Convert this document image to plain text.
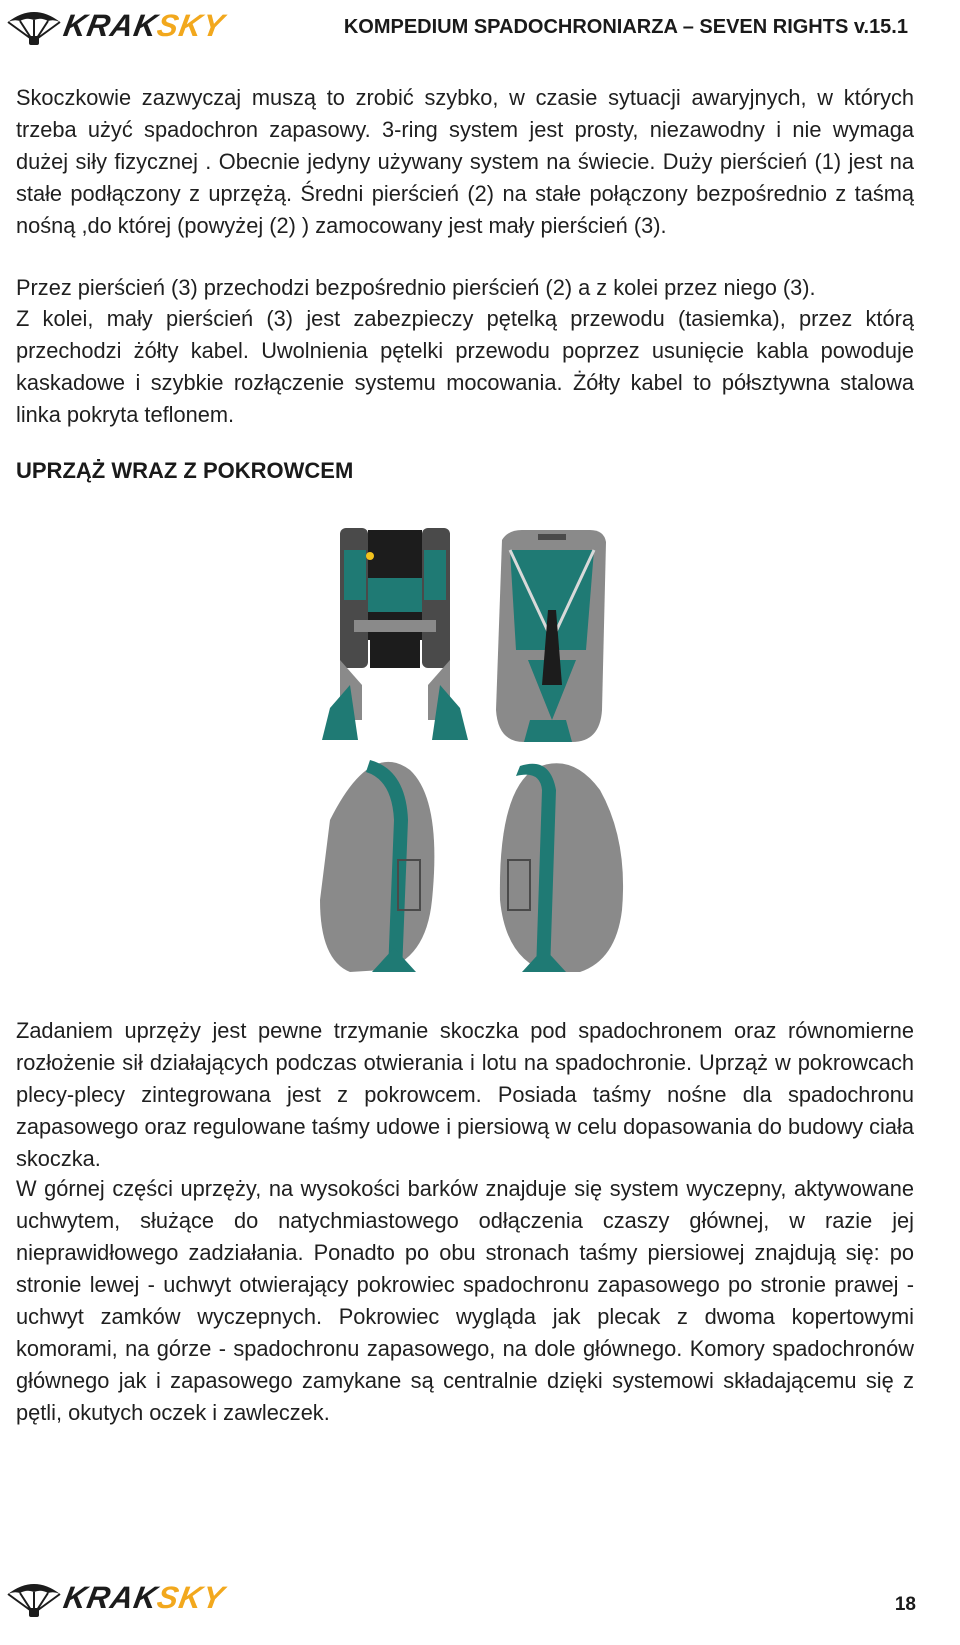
KRAKSKY	KOMPEDIUM SPADOCHRONIARZA – SEVEN RIGHTS v.15.1

Skoczkowie zazwyczaj muszą to zrobić szybko, w czasie sytuacji awaryjnych, w których trzeba użyć spadochron zapasowy. 3-ring system jest prosty, niezawodny i nie wymaga dużej siły fizycznej . Obecnie jedyny używany system na świecie. Duży pierścień (1) jest na stałe podłączony z uprzężą. Średni pierścień (2) na stałe połączony bezpośrednio z taśmą nośną ,do której (powyżej (2) ) zamocowany jest mały pierścień (3).

Przez pierścień (3) przechodzi bezpośrednio pierścień (2) a z kolei przez niego (3).

Z kolei, mały pierścień (3) jest zabezpieczy pętelką przewodu (tasiemka), przez którą przechodzi żółty kabel. Uwolnienia pętelki przewodu poprzez usunięcie kabla powoduje kaskadowe i szybkie rozłączenie systemu mocowania. Żółty kabel to półsztywna stalowa linka pokryta teflonem.

UPRZĄŻ WRAZ Z POKROWCEM

Zadaniem uprzęży jest pewne trzymanie skoczka pod spadochronem oraz równomierne rozłożenie sił działających podczas otwierania i lotu na spadochronie. Uprząż w pokrowcach plecy-plecy zintegrowana jest z pokrowcem. Posiada taśmy nośne dla spadochronu zapasowego oraz regulowane taśmy udowe i piersiową w celu dopasowania do budowy ciała skoczka.

W górnej części uprzęży, na wysokości barków znajduje się system wyczepny, aktywowane uchwytem, służące do natychmiastowego odłączenia czaszy głównej, w razie jej nieprawidłowego zadziałania. Ponadto po obu stronach taśmy piersiowej znajdują się: po stronie lewej - uchwyt otwierający pokrowiec spadochronu zapasowego po stronie prawej - uchwyt zamków wyczepnych. Pokrowiec wygląda jak plecak z dwoma kopertowymi komorami, na górze - spadochronu zapasowego, na dole głównego. Komory spadochronów głównego jak i zapasowego zamykane są centralnie dzięki systemowi składającemu się z pętli, okutych oczek i zawleczek.

KRAKSKY	18
